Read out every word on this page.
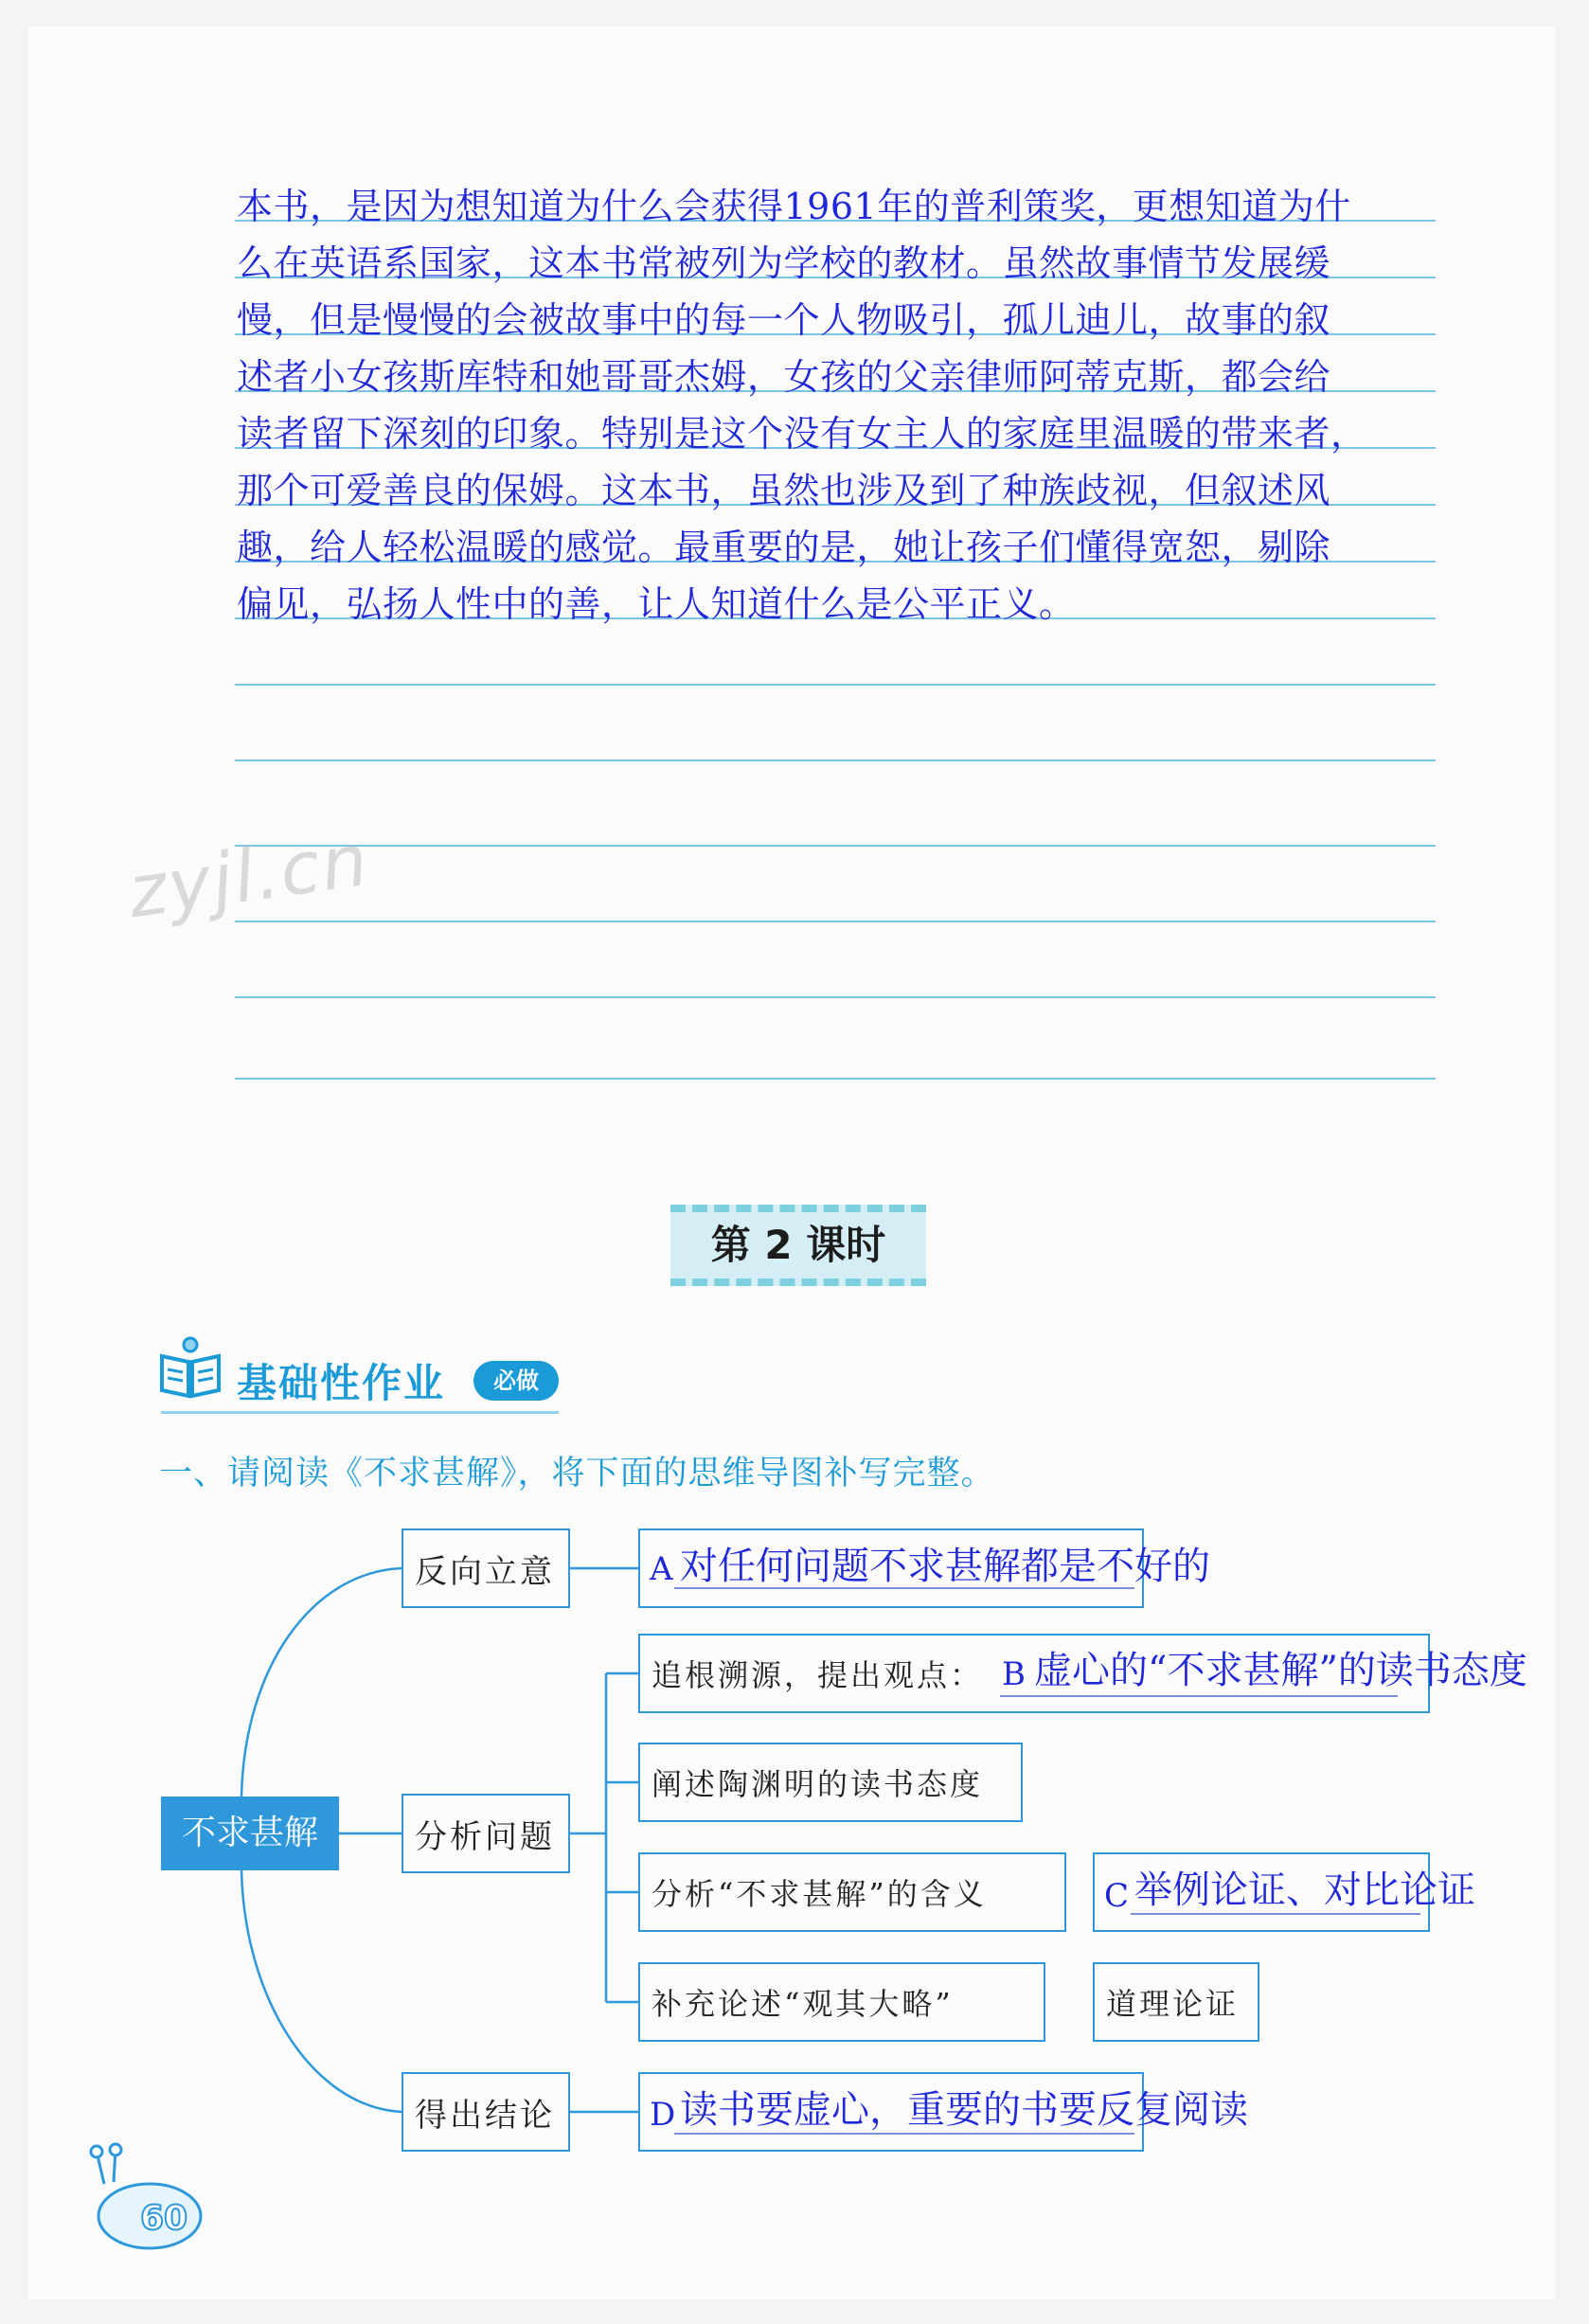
本书，是因为想知道为什么会获得1961年的普利策奖，更想知道为什
么在英语系国家，这本书常被列为学校的教材。虽然故事情节发展缓
慢，但是慢慢的会被故事中的每一个人物吸引，孤儿迪儿，故事的叙
述者小女孩斯库特和她哥哥杰姆，女孩的父亲律师阿蒂克斯，都会给
读者留下深刻的印象。特别是这个没有女主人的家庭里温暖的带来者，
那个可爱善良的保姆。这本书，虽然也涉及到了种族歧视，但叙述风
趣，给人轻松温暖的感觉。最重要的是，她让孩子们懂得宽恕，剔除
偏见，弘扬人性中的善，让人知道什么是公平正义。
zyjl.cn
第 2 课时
基础性作业	必做
一、请阅读《不求甚解》，将下面的思维导图补写完整。
不求甚解
反向立意	A 对任何问题不求甚解都是不好的
分析问题
追根溯源，提出观点： B 虚心的“不求甚解”的读书态度
阐述陶渊明的读书态度
分析“不求甚解”的含义	C 举例论证、对比论证
补充论述“观其大略”	道理论证
得出结论	D 读书要虚心，重要的书要反复阅读
60
